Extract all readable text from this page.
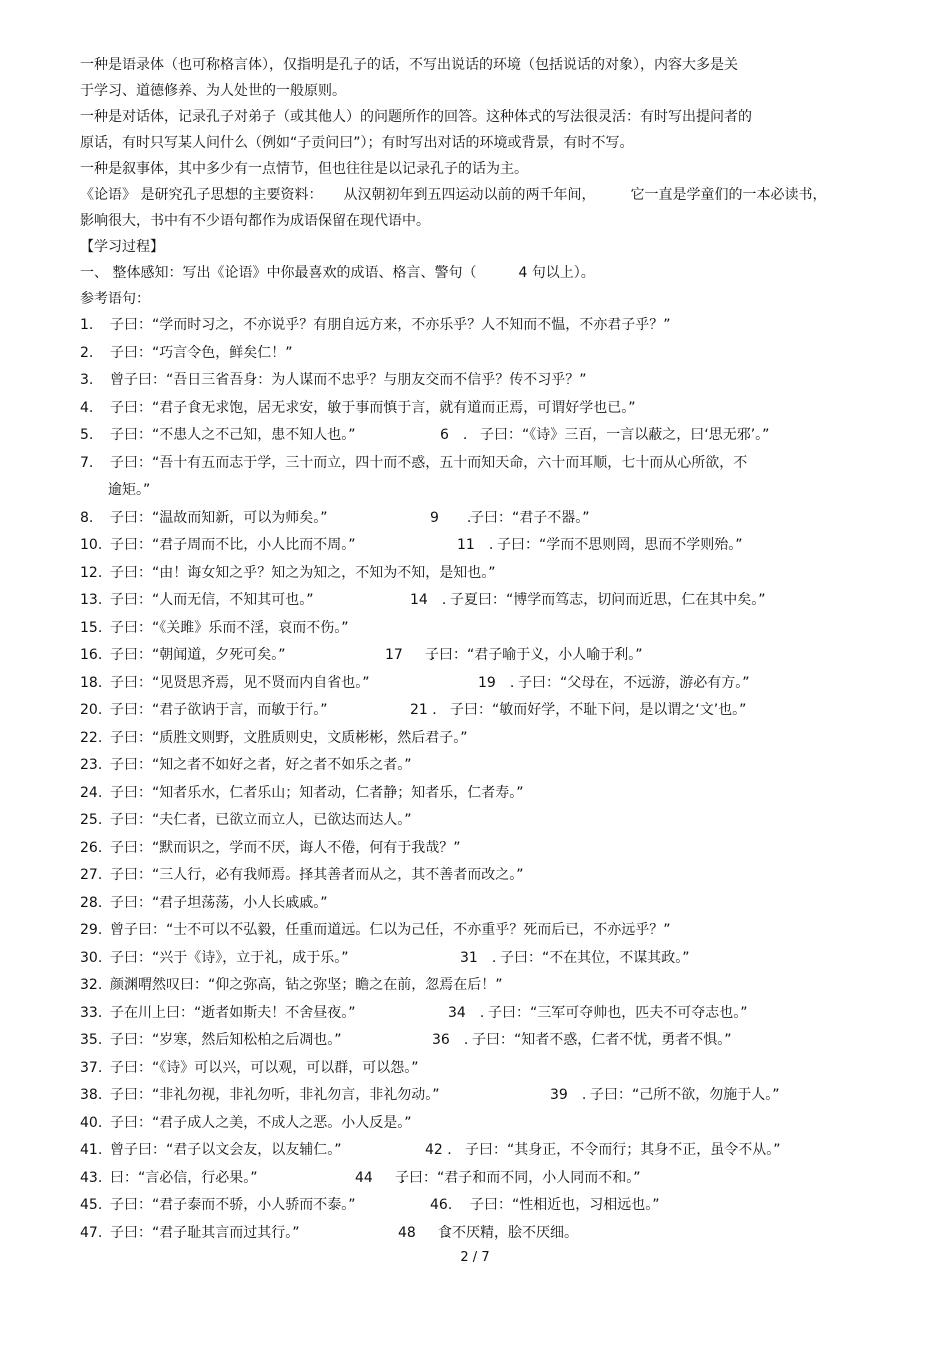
一种是语录体（也可称格言体），仅指明是孔子的话，不写出说话的环境（包括说话的对象），内容大多是关

于学习、道德修养、为人处世的一般原则。

一种是对话体，记录孔子对弟子（或其他人）的问题所作的回答。这种体式的写法很灵活：有时写出提问者的

原话，有时只写某人问什么（例如“子贡问曰”）；有时写出对话的环境或背景，有时不写。

一种是叙事体，其中多少有一点情节，但也往往是以记录孔子的话为主。

《论语》 是研究孔子思想的主要资料：　　从汉朝初年到五四运动以前的两千年间，　　　它一直是学童们的一本必读书，

影响很大，书中有不少语句都作为成语保留在现代语中。

【学习过程】

一、 整体感知：写出《论语》中你最喜欢的成语、格言、警句（　　　4 句以上）。

参考语句：

1. 子曰：“学而时习之，不亦说乎？有朋自远方来，不亦乐乎？人不知而不愠，不亦君子乎？”
2. 子曰：“巧言令色，鲜矣仁！”
3. 曾子曰：“吾日三省吾身：为人谋而不忠乎？与朋友交而不信乎？传不习乎？”
4. 子曰：“君子食无求饱，居无求安，敏于事而慎于言，就有道而正焉，可谓好学也已。”
5. 子曰：“不患人之不己知，患不知人也。”	6　. 子曰：“《诗》三百，一言以蔽之，曰‘思无邪’。”
7. 子曰：“吾十有五而志于学，三十而立，四十而不惑，五十而知天命，六十而耳顺，七十而从心所欲，不
逾矩。”
8. 子曰：“温故而知新，可以为师矣。”	9　　.子曰：“君子不器。”
10. 子曰：“君子周而不比，小人比而不周。”	11　. 子曰：“学而不思则罔，思而不学则殆。”
12. 子曰：“由！诲女知之乎？知之为知之，不知为不知，是知也。”
13. 子曰：“人而无信，不知其可也。”	14　. 子夏曰：“博学而笃志，切问而近思，仁在其中矣。”
15. 子曰：“《关雎》乐而不淫，哀而不伤。”
16. 子曰：“朝闻道，夕死可矣。”	17　　.子曰：“君子喻于义，小人喻于利。”
18. 子曰：“见贤思齐焉，见不贤而内自省也。”	19　. 子曰：“父母在，不远游，游必有方。”
20. 子曰：“君子欲讷于言，而敏于行。”	21 . 子曰：“敏而好学，不耻下问，是以谓之‘文’也。”
22. 子曰：“质胜文则野，文胜质则史，文质彬彬，然后君子。”
23. 子曰：“知之者不如好之者，好之者不如乐之者。”
24. 子曰：“知者乐水，仁者乐山；知者动，仁者静；知者乐，仁者寿。”
25. 子曰：“夫仁者，已欲立而立人，已欲达而达人。”
26. 子曰：“默而识之，学而不厌，诲人不倦，何有于我哉？”
27. 子曰：“三人行，必有我师焉。择其善者而从之，其不善者而改之。”
28. 子曰：“君子坦荡荡，小人长戚戚。”
29. 曾子曰：“士不可以不弘毅，任重而道远。仁以为己任，不亦重乎？死而后已，不亦远乎？”
30. 子曰：“兴于《诗》，立于礼，成于乐。”	31　. 子曰：“不在其位，不谋其政。”
32. 颜渊喟然叹曰：“仰之弥高，钻之弥坚；瞻之在前，忽焉在后！”
33. 子在川上曰：“逝者如斯夫！不舍昼夜。”	34　. 子曰：“三军可夺帅也，匹夫不可夺志也。”
35. 子曰：“岁寒，然后知松柏之后凋也。”	36　. 子曰：“知者不惑，仁者不忧，勇者不惧。”
37. 子曰：“《诗》可以兴，可以观，可以群，可以怨。”
38. 子曰：“非礼勿视，非礼勿听，非礼勿言，非礼勿动。”	39　. 子曰：“己所不欲，勿施于人。”
40. 子曰：“君子成人之美，不成人之恶。小人反是。”
41. 曾子曰：“君子以文会友，以友辅仁。”	42 . 子曰：“其身正，不令而行；其身不正，虽令不从。”
43. 曰：“言必信，行必果。”	44　　.子曰：“君子和而不同，小人同而不和。”
45. 子曰：“君子泰而不骄，小人骄而不泰。”	46. 子曰：“性相近也，习相远也。”
47. 子曰：“君子耻其言而过其行。”	48　　.食不厌精，脍不厌细。
2 / 7
